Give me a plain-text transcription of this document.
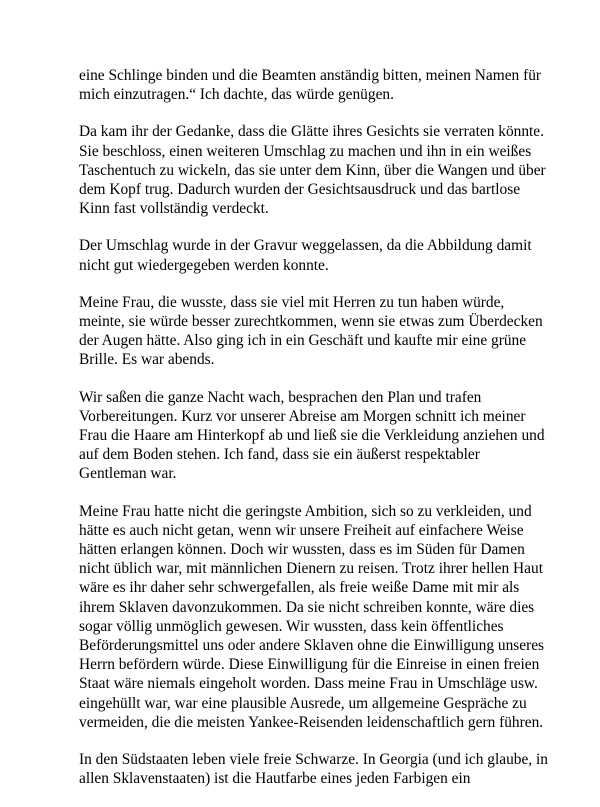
eine Schlinge binden und die Beamten anständig bitten, meinen Namen für
mich einzutragen.“ Ich dachte, das würde genügen.

Da kam ihr der Gedanke, dass die Glätte ihres Gesichts sie verraten könnte.
Sie beschloss, einen weiteren Umschlag zu machen und ihn in ein weißes
Taschentuch zu wickeln, das sie unter dem Kinn, über die Wangen und über
dem Kopf trug. Dadurch wurden der Gesichtsausdruck und das bartlose
Kinn fast vollständig verdeckt.

Der Umschlag wurde in der Gravur weggelassen, da die Abbildung damit
nicht gut wiedergegeben werden konnte.

Meine Frau, die wusste, dass sie viel mit Herren zu tun haben würde,
meinte, sie würde besser zurechtkommen, wenn sie etwas zum Überdecken
der Augen hätte. Also ging ich in ein Geschäft und kaufte mir eine grüne
Brille. Es war abends.

Wir saßen die ganze Nacht wach, besprachen den Plan und trafen
Vorbereitungen. Kurz vor unserer Abreise am Morgen schnitt ich meiner
Frau die Haare am Hinterkopf ab und ließ sie die Verkleidung anziehen und
auf dem Boden stehen. Ich fand, dass sie ein äußerst respektabler
Gentleman war.

Meine Frau hatte nicht die geringste Ambition, sich so zu verkleiden, und
hätte es auch nicht getan, wenn wir unsere Freiheit auf einfachere Weise
hätten erlangen können. Doch wir wussten, dass es im Süden für Damen
nicht üblich war, mit männlichen Dienern zu reisen. Trotz ihrer hellen Haut
wäre es ihr daher sehr schwergefallen, als freie weiße Dame mit mir als
ihrem Sklaven davonzukommen. Da sie nicht schreiben konnte, wäre dies
sogar völlig unmöglich gewesen. Wir wussten, dass kein öffentliches
Beförderungsmittel uns oder andere Sklaven ohne die Einwilligung unseres
Herrn befördern würde. Diese Einwilligung für die Einreise in einen freien
Staat wäre niemals eingeholt worden. Dass meine Frau in Umschläge usw.
eingehüllt war, war eine plausible Ausrede, um allgemeine Gespräche zu
vermeiden, die die meisten Yankee-Reisenden leidenschaftlich gern führen.

In den Südstaaten leben viele freie Schwarze. In Georgia (und ich glaube, in
allen Sklavenstaaten) ist die Hautfarbe eines jeden Farbigen ein
